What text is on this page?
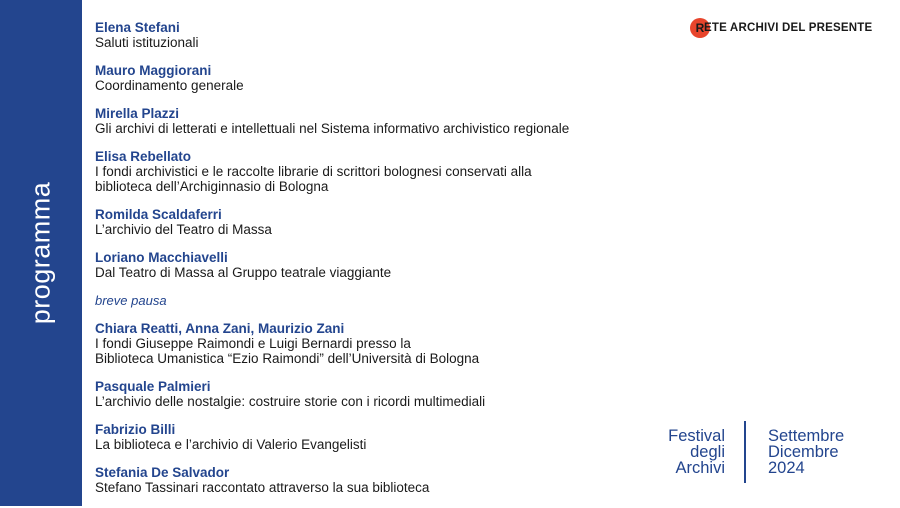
programma
R ETE ARCHIVI DEL PRESENTE
Elena Stefani
Saluti istituzionali
Mauro Maggiorani
Coordinamento generale
Mirella Plazzi
Gli archivi di letterati e intellettuali nel Sistema informativo archivistico regionale
Elisa Rebellato
I fondi archivistici e le raccolte librarie di scrittori bolognesi conservati alla
biblioteca dell’Archiginnasio di Bologna
Romilda Scaldaferri
L’archivio del Teatro di Massa
Loriano Macchiavelli
Dal Teatro di Massa al Gruppo teatrale viaggiante
breve pausa
Chiara Reatti, Anna Zani, Maurizio Zani
I fondi Giuseppe Raimondi e Luigi Bernardi presso la
Biblioteca Umanistica “Ezio Raimondi” dell’Università di Bologna
Pasquale Palmieri
L’archivio delle nostalgie: costruire storie con i ricordi multimediali
Fabrizio Billi
La biblioteca e l’archivio di Valerio Evangelisti
Stefania De Salvador
Stefano Tassinari raccontato attraverso la sua biblioteca
Festival
degli
Archivi
Settembre
Dicembre
2024
